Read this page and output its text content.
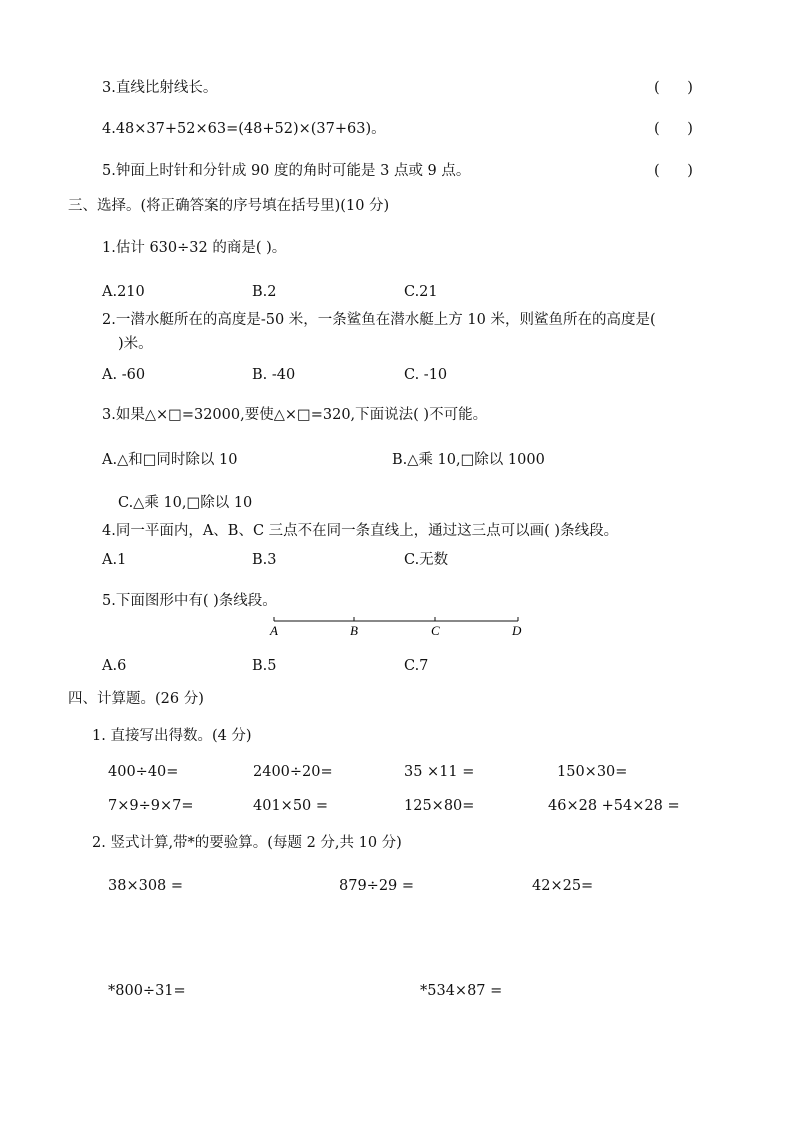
3.直线比射线长。	(      )
4.48×37+52×63=(48+52)×(37+63)。	(      )
5.钟面上时针和分针成 90 度的角时可能是 3 点或 9 点。	(      )
三、选择。(将正确答案的序号填在括号里)(10 分)
1.估计 630÷32 的商是( )。
A.210	B.2	C.21
2.一潜水艇所在的高度是-50 米，一条鲨鱼在潜水艇上方 10 米，则鲨鱼所在的高度是(
)米。
A. -60	B. -40	C. -10
3.如果△×□=32000,要使△×□=320,下面说法( )不可能。
A.△和□同时除以 10	B.△乘 10,□除以 1000
C.△乘 10,□除以 10
4.同一平面内，A、B、C 三点不在同一条直线上，通过这三点可以画( )条线段。
A.1	B.3	C.无数
5.下面图形中有( )条线段。
A	B	C	D
A.6	B.5	C.7
四、计算题。(26 分)
1. 直接写出得数。(4 分)
400÷40=	2400÷20=	35 ×11 =	150×30=
7×9÷9×7=	401×50 =	125×80=	46×28 +54×28 =
2. 竖式计算,带*的要验算。(每题 2 分,共 10 分)
38×308 =	879÷29 =	42×25=
*800÷31=	*534×87 =
